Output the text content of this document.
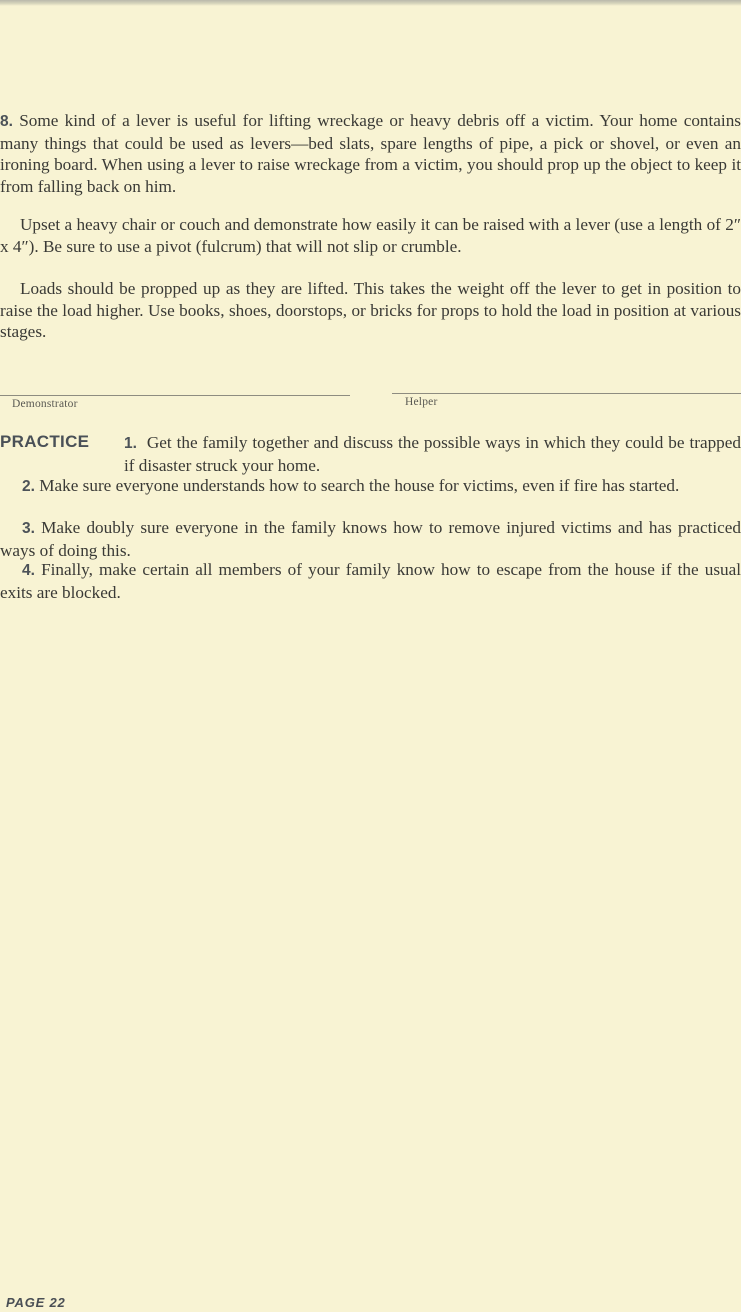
8. Some kind of a lever is useful for lifting wreckage or heavy debris off a victim. Your home contains many things that could be used as levers—bed slats, spare lengths of pipe, a pick or shovel, or even an ironing board. When using a lever to raise wreckage from a victim, you should prop up the object to keep it from falling back on him.

Upset a heavy chair or couch and demonstrate how easily it can be raised with a lever (use a length of 2″ x 4″). Be sure to use a pivot (fulcrum) that will not slip or crumble.

Loads should be propped up as they are lifted. This takes the weight off the lever to get in position to raise the load higher. Use books, shoes, doorstops, or bricks for props to hold the load in position at various stages.

Demonstrator	Helper
PRACTICE 1. Get the family together and discuss the possible ways in which they could be trapped if disaster struck your home.

2. Make sure everyone understands how to search the house for victims, even if fire has started.

3. Make doubly sure everyone in the family knows how to remove injured victims and has practiced ways of doing this.

4. Finally, make certain all members of your family know how to escape from the house if the usual exits are blocked.

PAGE 22
